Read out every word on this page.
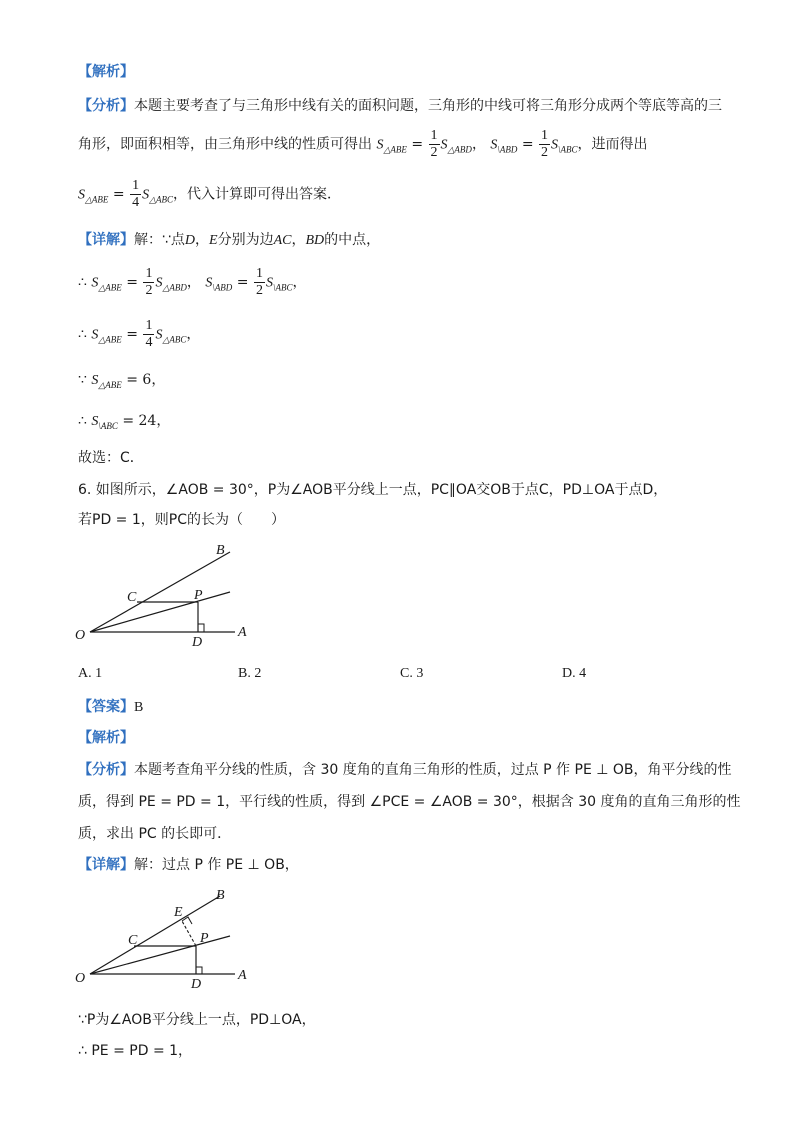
【解析】
【分析】本题主要考查了与三角形中线有关的面积问题，三角形的中线可将三角形分成两个等底等高的三
角形，即面积相等，由三角形中线的性质可得出 $S_{\triangle ABE} = \frac{1}{2} S_{\triangle ABD}$， $S_{\backslash ABD} = \frac{1}{2} S_{\backslash ABC}$，进而得出
$S_{\triangle ABE} = \frac{1}{4} S_{\triangle ABC}$，代入计算即可得出答案．
【详解】解：∵点D，E分别为边AC，BD的中点，
∴ $S_{\triangle ABE} = \frac{1}{2} S_{\triangle ABD}$， $S_{\backslash ABD} = \frac{1}{2} S_{\backslash ABC}$，
∴ $S_{\triangle ABE} = \frac{1}{4} S_{\triangle ABC}$，
∵ $S_{\triangle ABE} = 6$，
∴ $S_{\backslash ABC} = 24$，
故选：C．
6. 如图所示，∠AOB = 30°，P为∠AOB平分线上一点，PC∥OA交OB于点C，PD⊥OA于点D，
若PD = 1，则PC的长为（　　）
B
C	P
O	D
A
A. 1	B. 2	C. 3	D. 4
【答案】B
【解析】
【分析】本题考查角平分线的性质，含 30 度角的直角三角形的性质，过点 P 作 PE ⊥ OB，角平分线的性
质，得到 PE = PD = 1，平行线的性质，得到 ∠PCE = ∠AOB = 30°，根据含 30 度角的直角三角形的性
质，求出 PC 的长即可．
【详解】解：过点 P 作 PE ⊥ OB，
B
E
C	P
O	D
A
∵P为∠AOB平分线上一点，PD⊥OA，
∴ PE = PD = 1，
